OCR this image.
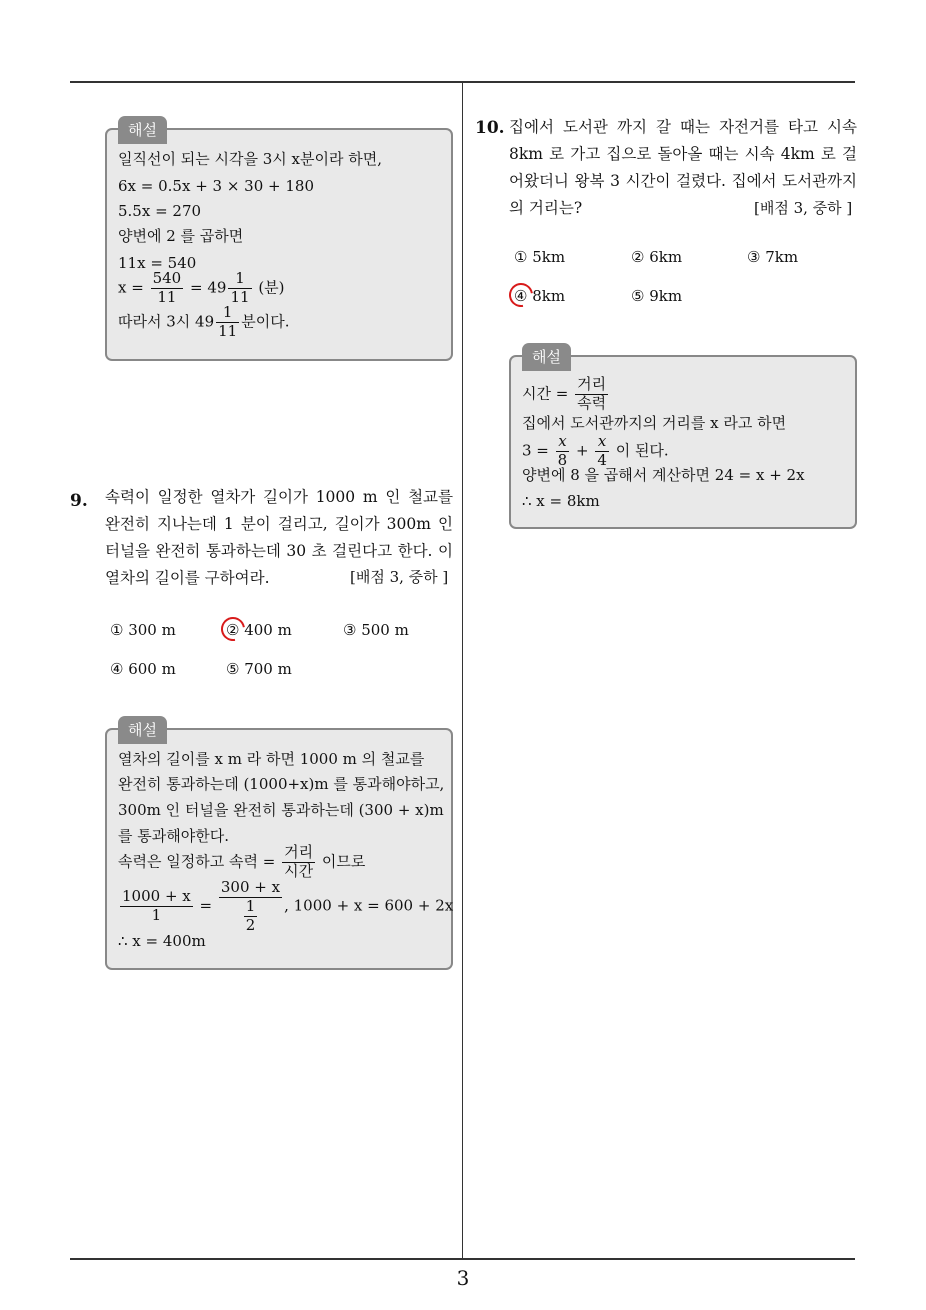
3
해설
일직선이 되는 시각을 3시 x분이라 하면,
6x = 0.5x + 3 × 30 + 180
5.5x = 270
양변에 2 를 곱하면
11x = 540
$x = \frac{540}{11} = 49 \frac{1}{11}$ (분)
따라서 3시 $49 \frac{1}{11}$ 분이다.
9. 속력이 일정한 열차가 길이가 1000 m 인 철교를 완전히 지나는데 1 분이 걸리고, 길이가 300m 인 터널을 완전히 통과하는데 30 초 걸린다고 한다. 이 열차의 길이를 구하여라.	[배점 3, 중하 ]
① 300 m	② 400 m	③ 500 m
④ 600 m	⑤ 700 m
해설
열차의 길이를 x m 라 하면 1000 m 의 철교를
완전히 통과하는데 (1000+x)m 를 통과해야하고,
300m 인 터널을 완전히 통과하는데 (300 + x)m
를 통과해야한다.
속력은 일정하고 속력 = $\frac{\text{거리}}{\text{시간}}$ 이므로
$\frac{1000 + x}{1} = \frac{300 + x}{\frac{1}{2}}$ , 1000 + x = 600 + 2x
∴ x = 400m
10. 집에서 도서관 까지 갈 때는 자전거를 타고 시속 8km 로 가고 집으로 돌아올 때는 시속 4km 로 걸어왔더니 왕복 3 시간이 걸렸다. 집에서 도서관까지의 거리는?	[배점 3, 중하 ]
① 5km	② 6km	③ 7km
④ 8km	⑤ 9km
해설
시간 = $\frac{\text{거리}}{\text{속력}}$
집에서 도서관까지의 거리를 x 라고 하면
$3 = \frac{x}{8} + \frac{x}{4}$ 이 된다.
양변에 8 을 곱해서 계산하면 24 = x + 2x
∴ x = 8km
